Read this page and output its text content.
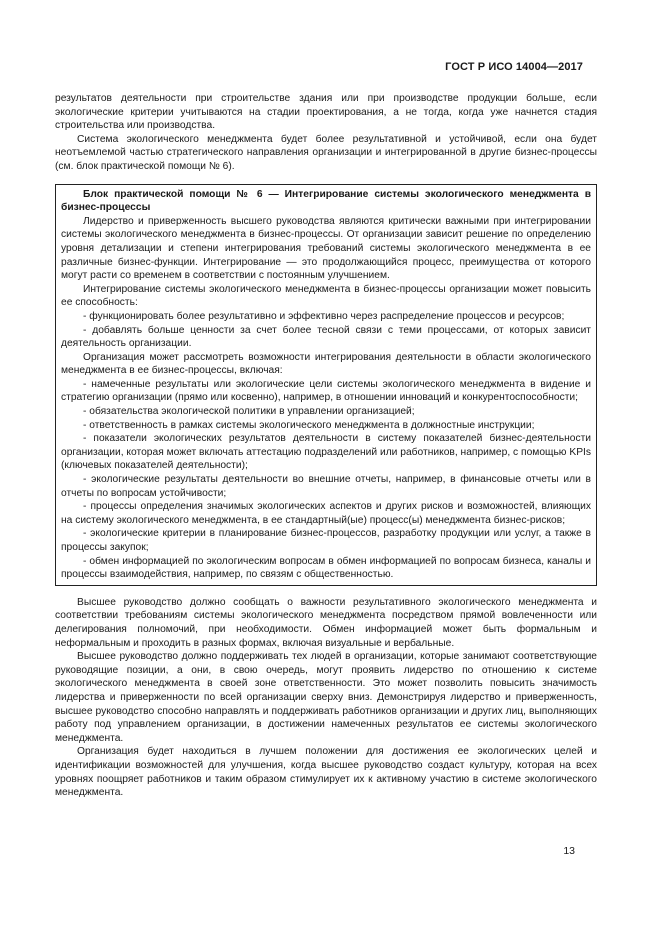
ГОСТ Р ИСО 14004—2017

результатов деятельности при строительстве здания или при производстве продукции больше, если экологические критерии учитываются на стадии проектирования, а не тогда, когда уже начнется стадия строительства или производства.

Система экологического менеджмента будет более результативной и устойчивой, если она будет неотъемлемой частью стратегического направления организации и интегрированной в другие бизнес-процессы (см. блок практической помощи № 6).

Блок практической помощи № 6 — Интегрирование системы экологического менеджмента в бизнес-процессы

Лидерство и приверженность высшего руководства являются критически важными при интегрировании системы экологического менеджмента в бизнес-процессы. От организации зависит решение по определению уровня детализации и степени интегрирования требований системы экологического менеджмента в ее различные бизнес-функции. Интегрирование — это продолжающийся процесс, преимущества от которого могут расти со временем в соответствии с постоянным улучшением.

Интегрирование системы экологического менеджмента в бизнес-процессы организации может повысить ее способность:

- функционировать более результативно и эффективно через распределение процессов и ресурсов;

- добавлять больше ценности за счет более тесной связи с теми процессами, от которых зависит деятельность организации.

Организация может рассмотреть возможности интегрирования деятельности в области экологического менеджмента в ее бизнес-процессы, включая:

- намеченные результаты или экологические цели системы экологического менеджмента в видение и стратегию организации (прямо или косвенно), например, в отношении инноваций и конкурентоспособности;

- обязательства экологической политики в управлении организацией;

- ответственность в рамках системы экологического менеджмента в должностные инструкции;

- показатели экологических результатов деятельности в систему показателей бизнес-деятельности организации, которая может включать аттестацию подразделений или работников, например, с помощью KPIs (ключевых показателей деятельности);

- экологические результаты деятельности во внешние отчеты, например, в финансовые отчеты или в отчеты по вопросам устойчивости;

- процессы определения значимых экологических аспектов и других рисков и возможностей, влияющих на систему экологического менеджмента, в ее стандартный(ые) процесс(ы) менеджмента бизнес-рисков;

- экологические критерии в планирование бизнес-процессов, разработку продукции или услуг, а также в процессы закупок;

- обмен информацией по экологическим вопросам в обмен информацией по вопросам бизнеса, каналы и процессы взаимодействия, например, по связям с общественностью.

Высшее руководство должно сообщать о важности результативного экологического менеджмента и соответствии требованиям системы экологического менеджмента посредством прямой вовлеченности или делегирования полномочий, при необходимости. Обмен информацией может быть формальным и неформальным и проходить в разных формах, включая визуальные и вербальные.

Высшее руководство должно поддерживать тех людей в организации, которые занимают соответствующие руководящие позиции, а они, в свою очередь, могут проявить лидерство по отношению к системе экологического менеджмента в своей зоне ответственности. Это может позволить повысить значимость лидерства и приверженности по всей организации сверху вниз. Демонстрируя лидерство и приверженность, высшее руководство способно направлять и поддерживать работников организации и других лиц, выполняющих работу под управлением организации, в достижении намеченных результатов ее системы экологического менеджмента.

Организация будет находиться в лучшем положении для достижения ее экологических целей и идентификации возможностей для улучшения, когда высшее руководство создаст культуру, которая на всех уровнях поощряет работников и таким образом стимулирует их к активному участию в системе экологического менеджмента.

13
